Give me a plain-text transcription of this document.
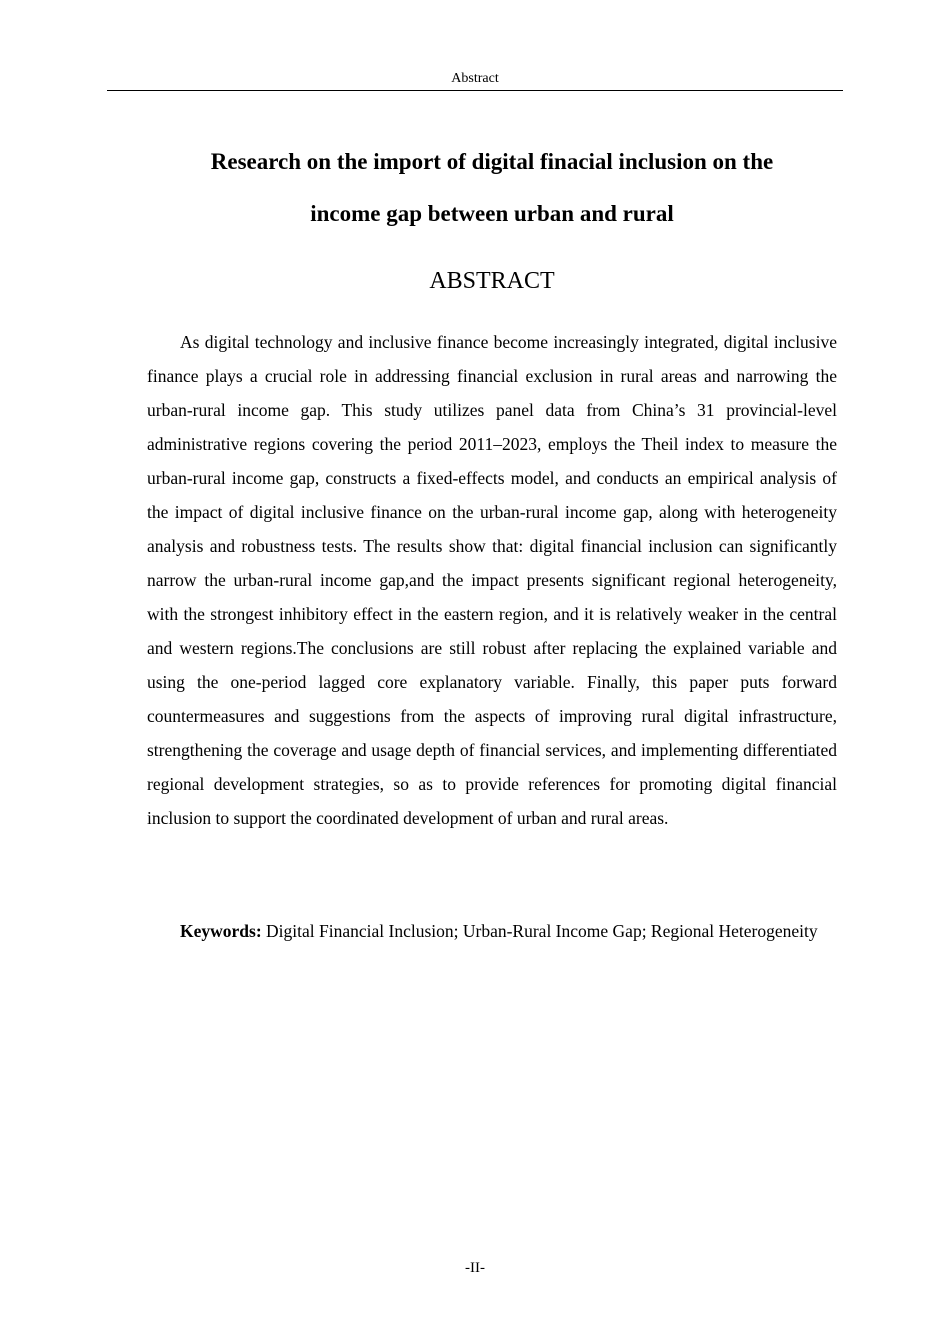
Abstract
Research on the import of digital finacial inclusion on the
income gap between urban and rural
ABSTRACT

As digital technology and inclusive finance become increasingly integrated, digital inclusive finance plays a crucial role in addressing financial exclusion in rural areas and narrowing the urban-rural income gap. This study utilizes panel data from China’s 31 provincial-level administrative regions covering the period 2011–2023, employs the Theil index to measure the urban-rural income gap, constructs a fixed-effects model, and conducts an empirical analysis of the impact of digital inclusive finance on the urban-rural income gap, along with heterogeneity analysis and robustness tests. The results show that: digital financial inclusion can significantly narrow the urban-rural income gap,and the impact presents significant regional heterogeneity, with the strongest inhibitory effect in the eastern region, and it is relatively weaker in the central and western regions.The conclusions are still robust after replacing the explained variable and using the one-period lagged core explanatory variable. Finally, this paper puts forward countermeasures and suggestions from the aspects of improving rural digital infrastructure, strengthening the coverage and usage depth of financial services, and implementing differentiated regional development strategies, so as to provide references for promoting digital financial inclusion to support the coordinated development of urban and rural areas.

Keywords: Digital Financial Inclusion; Urban-Rural Income Gap; Regional Heterogeneity

-II-
